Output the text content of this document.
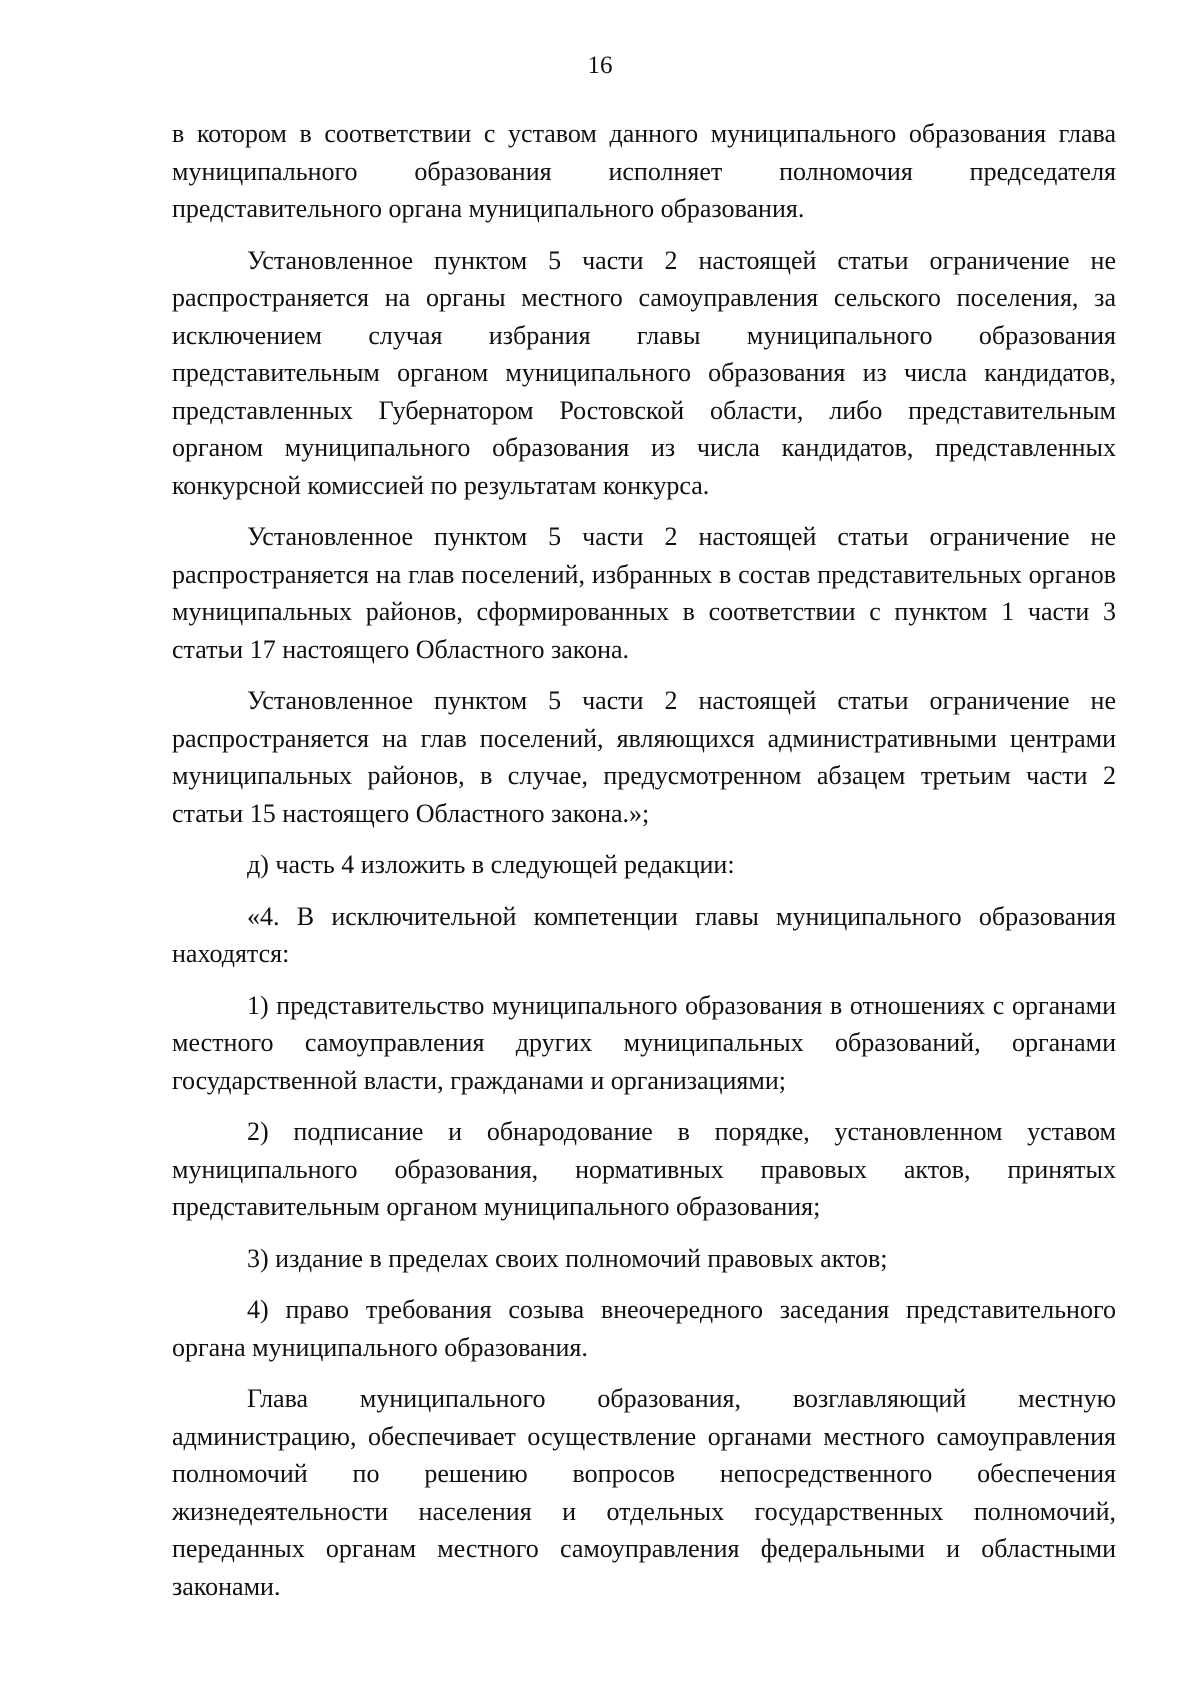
16

в котором в соответствии с уставом данного муниципального образования глава муниципального образования исполняет полномочия председателя представительного органа муниципального образования.

Установленное пунктом 5 части 2 настоящей статьи ограничение не распространяется на органы местного самоуправления сельского поселения, за исключением случая избрания главы муниципального образования представительным органом муниципального образования из числа кандидатов, представленных Губернатором Ростовской области, либо представительным органом муниципального образования из числа кандидатов, представленных конкурсной комиссией по результатам конкурса.

Установленное пунктом 5 части 2 настоящей статьи ограничение не распространяется на глав поселений, избранных в состав представительных органов муниципальных районов, сформированных в соответствии с пунктом 1 части 3 статьи 17 настоящего Областного закона.

Установленное пунктом 5 части 2 настоящей статьи ограничение не распространяется на глав поселений, являющихся административными центрами муниципальных районов, в случае, предусмотренном абзацем третьим части 2 статьи 15 настоящего Областного закона.»;

д) часть 4 изложить в следующей редакции:

«4. В исключительной компетенции главы муниципального образования находятся:

1) представительство муниципального образования в отношениях с органами местного самоуправления других муниципальных образований, органами государственной власти, гражданами и организациями;

2) подписание и обнародование в порядке, установленном уставом муниципального образования, нормативных правовых актов, принятых представительным органом муниципального образования;

3) издание в пределах своих полномочий правовых актов;

4) право требования созыва внеочередного заседания представительного органа муниципального образования.

Глава муниципального образования, возглавляющий местную администрацию, обеспечивает осуществление органами местного самоуправления полномочий по решению вопросов непосредственного обеспечения жизнедеятельности населения и отдельных государственных полномочий, переданных органам местного самоуправления федеральными и областными законами.
